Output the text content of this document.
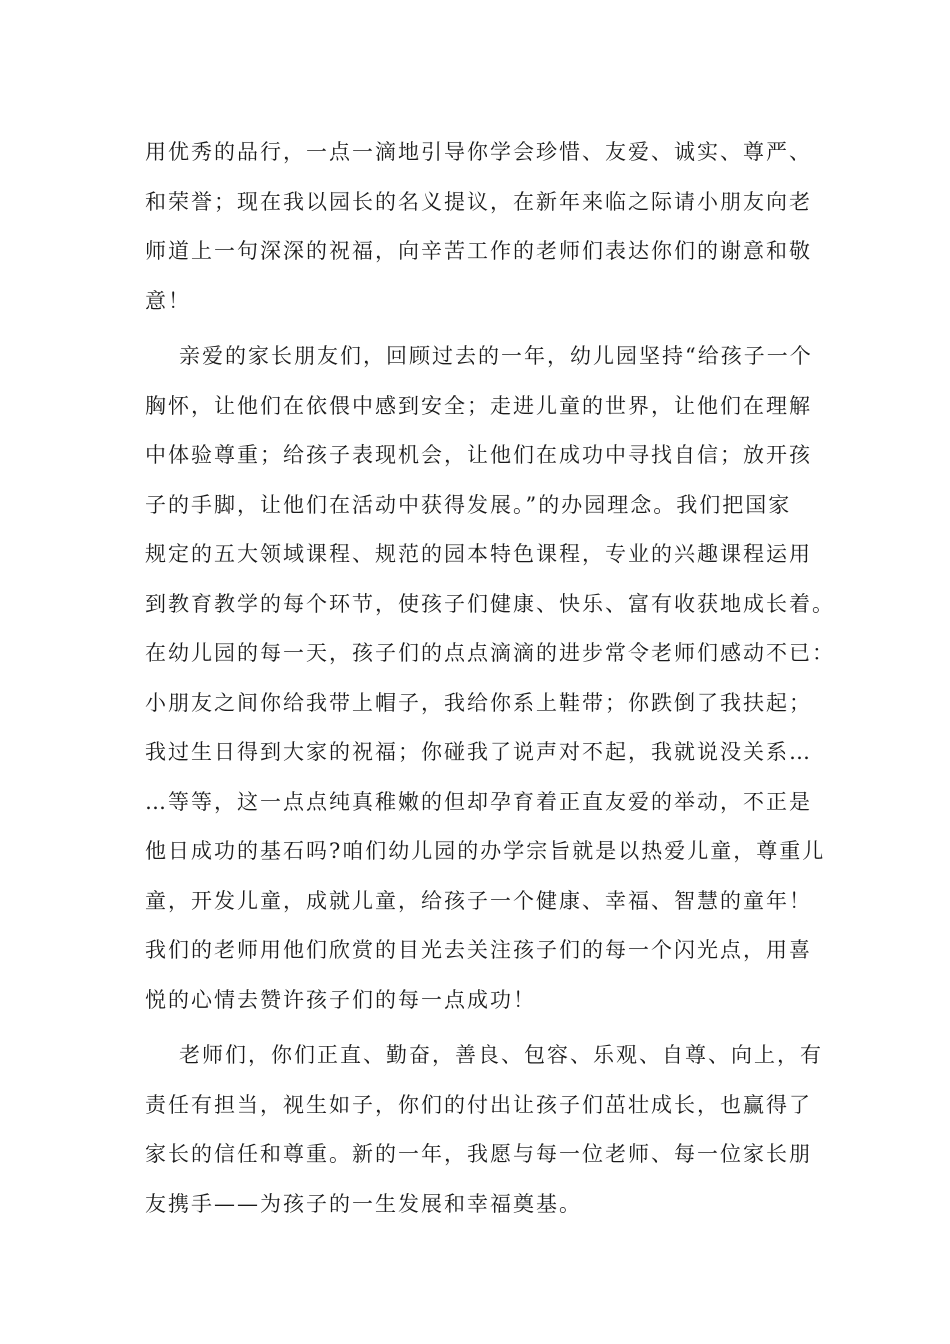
用优秀的品行，一点一滴地引导你学会珍惜、友爱、诚实、尊严、
和荣誉；现在我以园长的名义提议，在新年来临之际请小朋友向老
师道上一句深深的祝福，向辛苦工作的老师们表达你们的谢意和敬
意！
亲爱的家长朋友们，回顾过去的一年，幼儿园坚持“给孩子一个
胸怀，让他们在依偎中感到安全；走进儿童的世界，让他们在理解
中体验尊重；给孩子表现机会，让他们在成功中寻找自信；放开孩
子的手脚，让他们在活动中获得发展。”的办园理念。我们把国家
规定的五大领域课程、规范的园本特色课程，专业的兴趣课程运用
到教育教学的每个环节，使孩子们健康、快乐、富有收获地成长着。
在幼儿园的每一天，孩子们的点点滴滴的进步常令老师们感动不已：
小朋友之间你给我带上帽子，我给你系上鞋带；你跌倒了我扶起；
我过生日得到大家的祝福；你碰我了说声对不起，我就说没关系…
…等等，这一点点纯真稚嫩的但却孕育着正直友爱的举动，不正是
他日成功的基石吗?咱们幼儿园的办学宗旨就是以热爱儿童，尊重儿
童，开发儿童，成就儿童，给孩子一个健康、幸福、智慧的童年！
我们的老师用他们欣赏的目光去关注孩子们的每一个闪光点，用喜
悦的心情去赞许孩子们的每一点成功！
老师们，你们正直、勤奋，善良、包容、乐观、自尊、向上，有
责任有担当，视生如子，你们的付出让孩子们茁壮成长，也赢得了
家长的信任和尊重。新的一年，我愿与每一位老师、每一位家长朋
友携手——为孩子的一生发展和幸福奠基。
